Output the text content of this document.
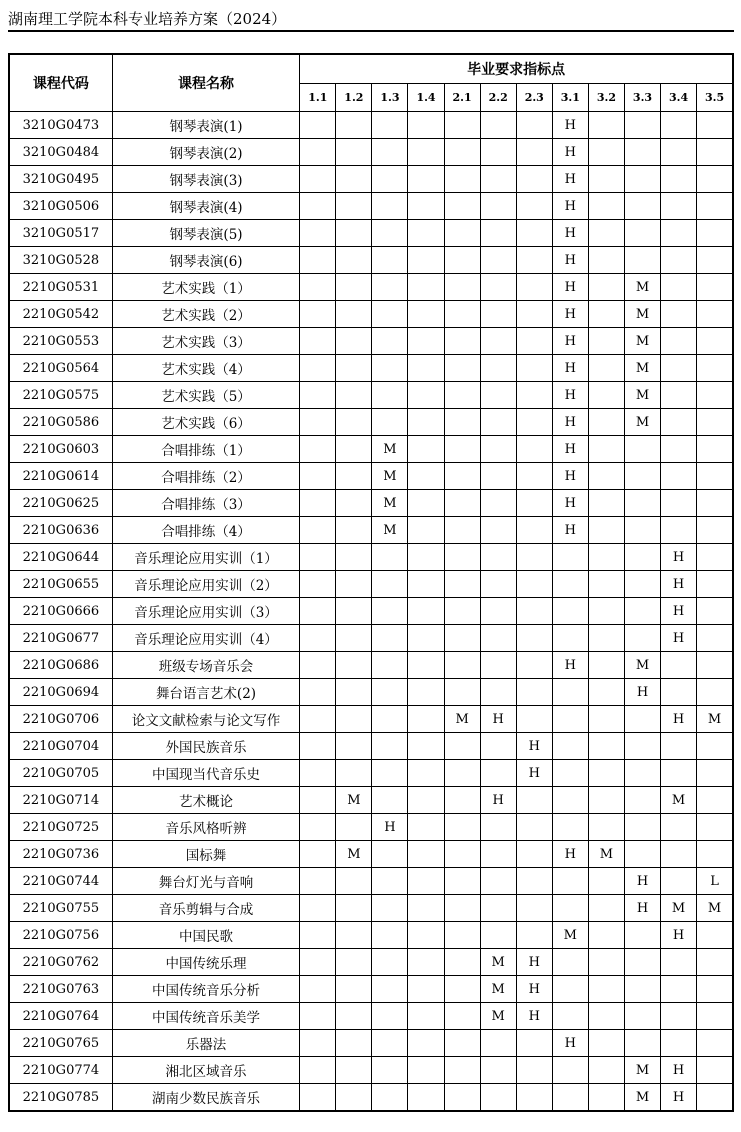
湖南理工学院本科专业培养方案（2024）
课程代码	课程名称	毕业要求指标点											
		1.1	1.2	1.3	1.4	2.1	2.2	2.3	3.1	3.2	3.3	3.4	3.5
3210G0473	钢琴表演(1)								H				
3210G0484	钢琴表演(2)								H				
3210G0495	钢琴表演(3)								H				
3210G0506	钢琴表演(4)								H				
3210G0517	钢琴表演(5)								H				
3210G0528	钢琴表演(6)								H				
2210G0531	艺术实践（1）								H		M		
2210G0542	艺术实践（2）								H		M		
2210G0553	艺术实践（3）								H		M		
2210G0564	艺术实践（4）								H		M		
2210G0575	艺术实践（5）								H		M		
2210G0586	艺术实践（6）								H		M		
2210G0603	合唱排练（1）			M					H				
2210G0614	合唱排练（2）			M					H				
2210G0625	合唱排练（3）			M					H				
2210G0636	合唱排练（4）			M					H				
2210G0644	音乐理论应用实训（1）											H	
2210G0655	音乐理论应用实训（2）											H	
2210G0666	音乐理论应用实训（3）											H	
2210G0677	音乐理论应用实训（4）											H	
2210G0686	班级专场音乐会								H		M		
2210G0694	舞台语言艺术(2)										H		
2210G0706	论文文献检索与论文写作					M	H					H	M
2210G0704	外国民族音乐							H					
2210G0705	中国现当代音乐史							H					
2210G0714	艺术概论		M				H					M	
2210G0725	音乐风格听辨			H									
2210G0736	国标舞		M						H	M			
2210G0744	舞台灯光与音响										H		L
2210G0755	音乐剪辑与合成										H	M	M
2210G0756	中国民歌								M			H	
2210G0762	中国传统乐理						M	H					
2210G0763	中国传统音乐分析						M	H					
2210G0764	中国传统音乐美学						M	H					
2210G0765	乐器法								H				
2210G0774	湘北区域音乐										M	H	
2210G0785	湖南少数民族音乐										M	H	
